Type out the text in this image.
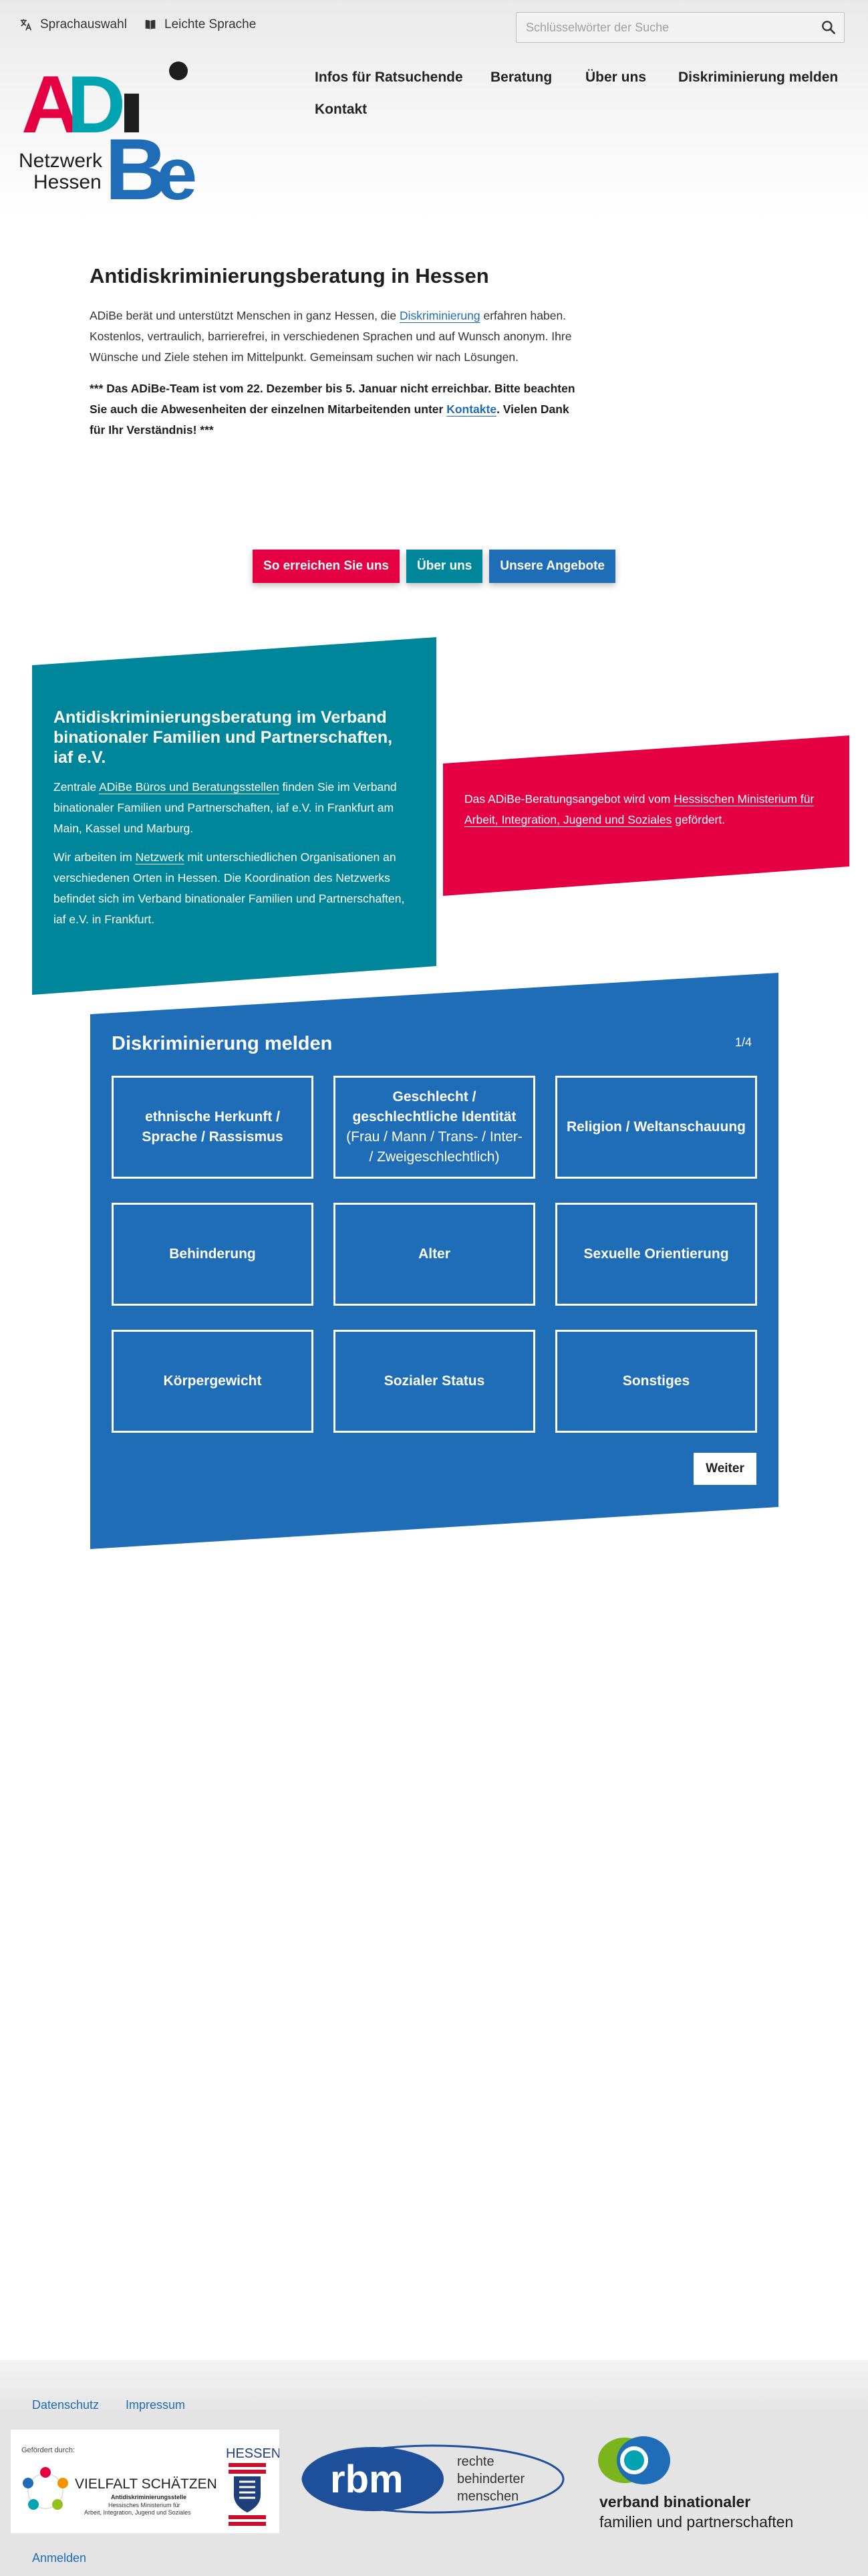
Sprachauswahl	Leichte Sprache
Schlüsselwörter der Suche
A
D
B
e
Netzwerk
Hessen
Infos für Ratsuchende Beratung Über uns Diskriminierung melden
Kontakt
Antidiskriminierungsberatung in Hessen

ADiBe berät und unterstützt Menschen in ganz Hessen, die Diskriminierung erfahren haben. Kostenlos, vertraulich, barrierefrei, in verschiedenen Sprachen und auf Wunsch anonym. Ihre Wünsche und Ziele stehen im Mittelpunkt. Gemeinsam suchen wir nach Lösungen.

*** Das ADiBe-Team ist vom 22. Dezember bis 5. Januar nicht erreichbar. Bitte beachten Sie auch die Abwesenheiten der einzelnen Mitarbeitenden unter Kontakte. Vielen Dank für Ihr Verständnis! ***

So erreichen Sie uns	Über uns	Unsere Angebote
Antidiskriminierungsberatung im Verband binationaler Familien und Partnerschaften, iaf e.V.

Zentrale ADiBe Büros und Beratungsstellen finden Sie im Verband binationaler Familien und Partnerschaften, iaf e.V. in Frankfurt am Main, Kassel und Marburg.

Wir arbeiten im Netzwerk mit unterschiedlichen Organisationen an verschiedenen Orten in Hessen. Die Koordination des Netzwerks befindet sich im Verband binationaler Familien und Partnerschaften, iaf e.V. in Frankfurt.

Das ADiBe-Beratungsangebot wird vom Hessischen Ministerium für Arbeit, Integration, Jugend und Soziales gefördert.
Diskriminierung melden	1/4
ethnische Herkunft / Sprache / Rassismus
Geschlecht / geschlechtliche Identität
(Frau / Mann / Trans- / Inter- / Zweigeschlechtlich)
Religion / Weltanschauung
Behinderung	Alter	Sexuelle Orientierung
Körpergewicht	Sozialer Status	Sonstiges
Weiter
Datenschutz Impressum
Gefördert durch:
VIELFALT SCHÄTZEN
Antidiskriminierungsstelle
Hessisches Ministerium für
Arbeit, Integration, Jugend und Soziales
HESSEN
rbm	rechte
behinderter
menschen	verband binationaler
familien und partnerschaften
Anmelden
